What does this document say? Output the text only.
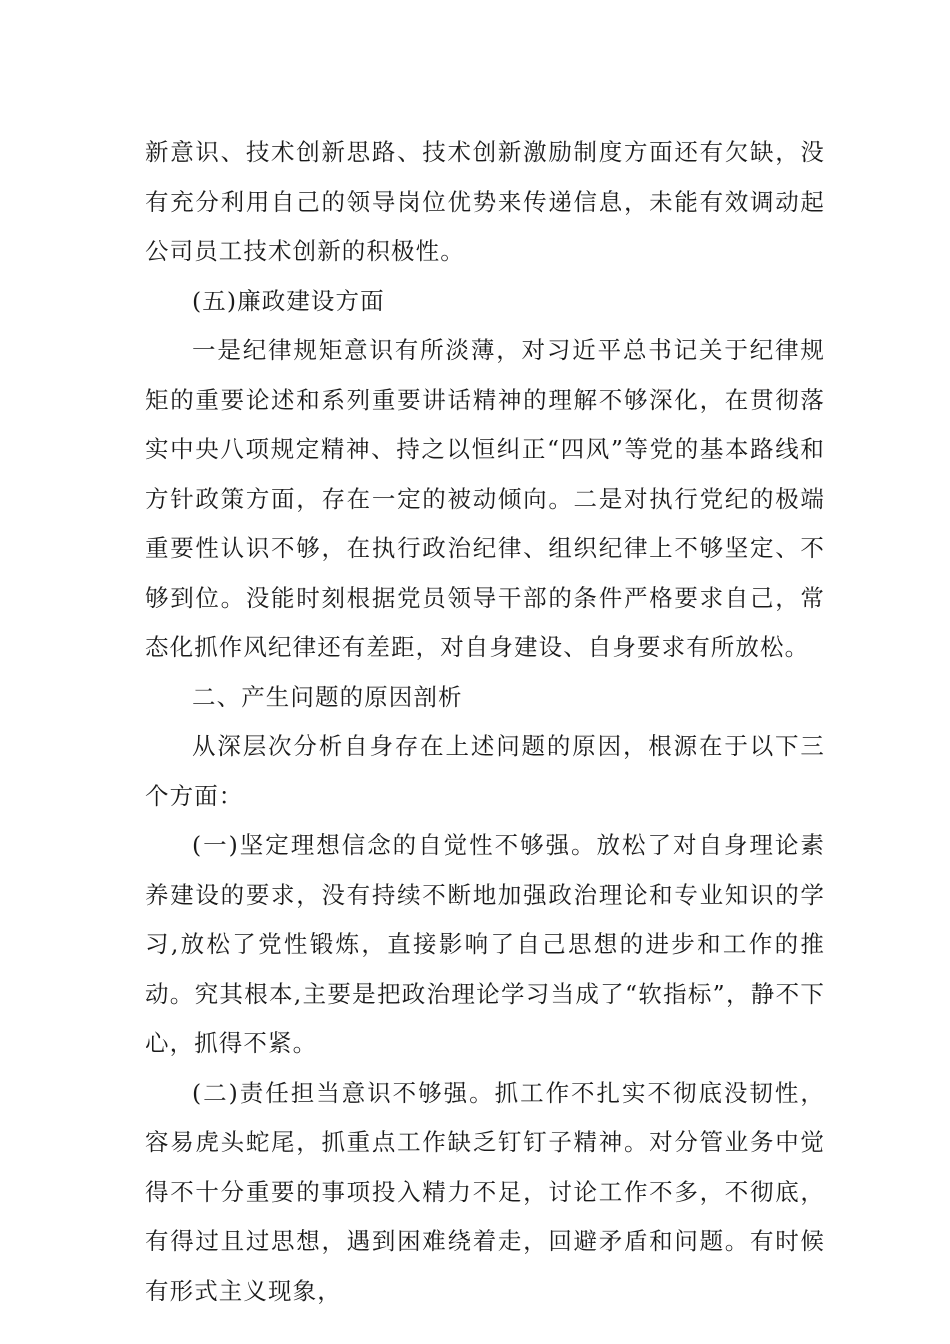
新意识、技术创新思路、技术创新激励制度方面还有欠缺，没有充分利用自己的领导岗位优势来传递信息，未能有效调动起公司员工技术创新的积极性。

(五)廉政建设方面

一是纪律规矩意识有所淡薄，对习近平总书记关于纪律规矩的重要论述和系列重要讲话精神的理解不够深化，在贯彻落实中央八项规定精神、持之以恒纠正“四风”等党的基本路线和方针政策方面，存在一定的被动倾向。二是对执行党纪的极端重要性认识不够，在执行政治纪律、组织纪律上不够坚定、不够到位。没能时刻根据党员领导干部的条件严格要求自己，常态化抓作风纪律还有差距，对自身建设、自身要求有所放松。

二、产生问题的原因剖析

从深层次分析自身存在上述问题的原因，根源在于以下三个方面：

(一)坚定理想信念的自觉性不够强。放松了对自身理论素养建设的要求，没有持续不断地加强政治理论和专业知识的学习,放松了党性锻炼，直接影响了自己思想的进步和工作的推动。究其根本,主要是把政治理论学习当成了“软指标”，静不下心，抓得不紧。

(二)责任担当意识不够强。抓工作不扎实不彻底没韧性，容易虎头蛇尾，抓重点工作缺乏钉钉子精神。对分管业务中觉得不十分重要的事项投入精力不足，讨论工作不多，不彻底，有得过且过思想，遇到困难绕着走，回避矛盾和问题。有时候有形式主义现象，
